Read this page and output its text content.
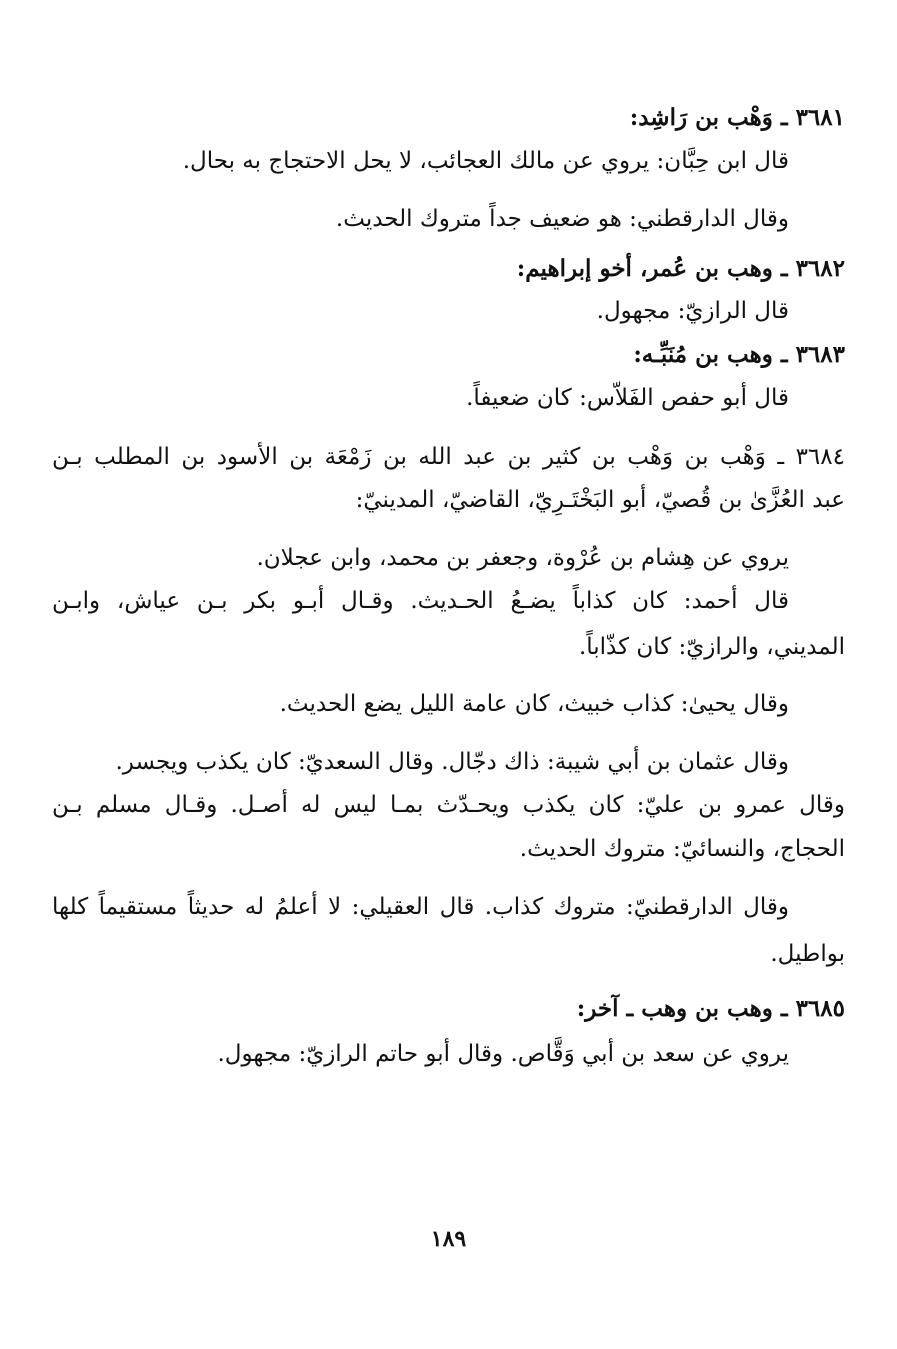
٣٦٨١ ـ وَهْب بن رَاشِد:

قال ابن حِبَّان: يروي عن مالك العجائب، لا يحل الاحتجاج به بحال.

وقال الدارقطني: هو ضعيف جداً متروك الحديث.

٣٦٨٢ ـ وهب بن عُمر، أخو إبراهيم:

قال الرازيّ: مجهول.

٣٦٨٣ ـ وهب بن مُنَبِّـه:

قال أبو حفص الفَلاّس: كان ضعيفاً.

٣٦٨٤ ـ وَهْب بن وَهْب بن كثير بن عبد الله بن زَمْعَة بن الأسود بن المطلب بـن

عبد العُزَّىٰ بن قُصيّ، أبو البَخْتَـرِيّ، القاضيّ، المدينيّ:

يروي عن هِشام بن عُرْوة، وجعفر بن محمد، وابن عجلان.

قال أحمد: كان كذاباً يضـعُ الحـديث. وقـال أبـو بكر بـن عياش، وابـن

المديني، والرازيّ: كان كذّاباً.

وقال يحيىٰ: كذاب خبيث، كان عامة الليل يضع الحديث.

وقال عثمان بن أبي شيبة: ذاك دجّال. وقال السعديّ: كان يكذب ويجسر.

وقال عمرو بن عليّ: كان يكذب ويحـدّث بمـا ليس له أصـل. وقـال مسلم بـن

الحجاج، والنسائيّ: متروك الحديث.

وقال الدارقطنيّ: متروك كذاب. قال العقيلي: لا أعلمُ له حديثاً مستقيماً كلها

بواطيل.

٣٦٨٥ ـ وهب بن وهب ـ آخر:

يروي عن سعد بن أبي وَقَّاص. وقال أبو حاتم الرازيّ: مجهول.

١٨٩
